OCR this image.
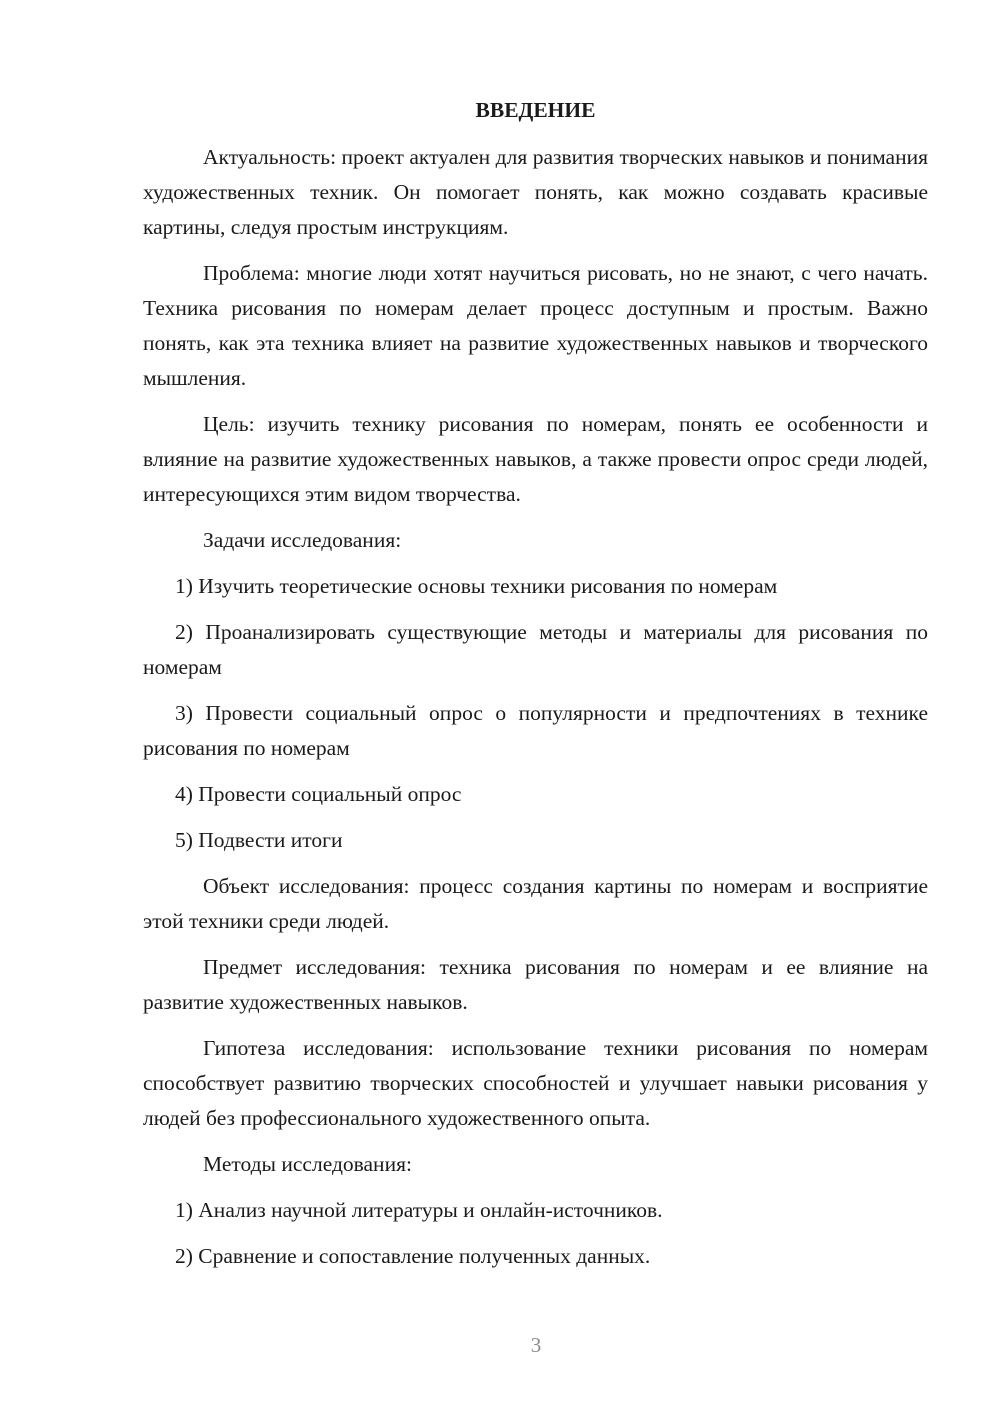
ВВЕДЕНИЕ

Актуальность: проект актуален для развития творческих навыков и понимания художественных техник. Он помогает понять, как можно создавать красивые картины, следуя простым инструкциям.

Проблема: многие люди хотят научиться рисовать, но не знают, с чего начать. Техника рисования по номерам делает процесс доступным и простым. Важно понять, как эта техника влияет на развитие художественных навыков и творческого мышления.

Цель: изучить технику рисования по номерам, понять ее особенности и влияние на развитие художественных навыков, а также провести опрос среди людей, интересующихся этим видом творчества.

Задачи исследования:

1) Изучить теоретические основы техники рисования по номерам

2) Проанализировать существующие методы и материалы для рисования по номерам

3) Провести социальный опрос о популярности и предпочтениях в технике рисования по номерам

4) Провести социальный опрос

5) Подвести итоги

Объект исследования: процесс создания картины по номерам и восприятие этой техники среди людей.

Предмет исследования: техника рисования по номерам и ее влияние на развитие художественных навыков.

Гипотеза исследования: использование техники рисования по номерам способствует развитию творческих способностей и улучшает навыки рисования у людей без профессионального художественного опыта.

Методы исследования:

1) Анализ научной литературы и онлайн-источников.

2) Сравнение и сопоставление полученных данных.

3
